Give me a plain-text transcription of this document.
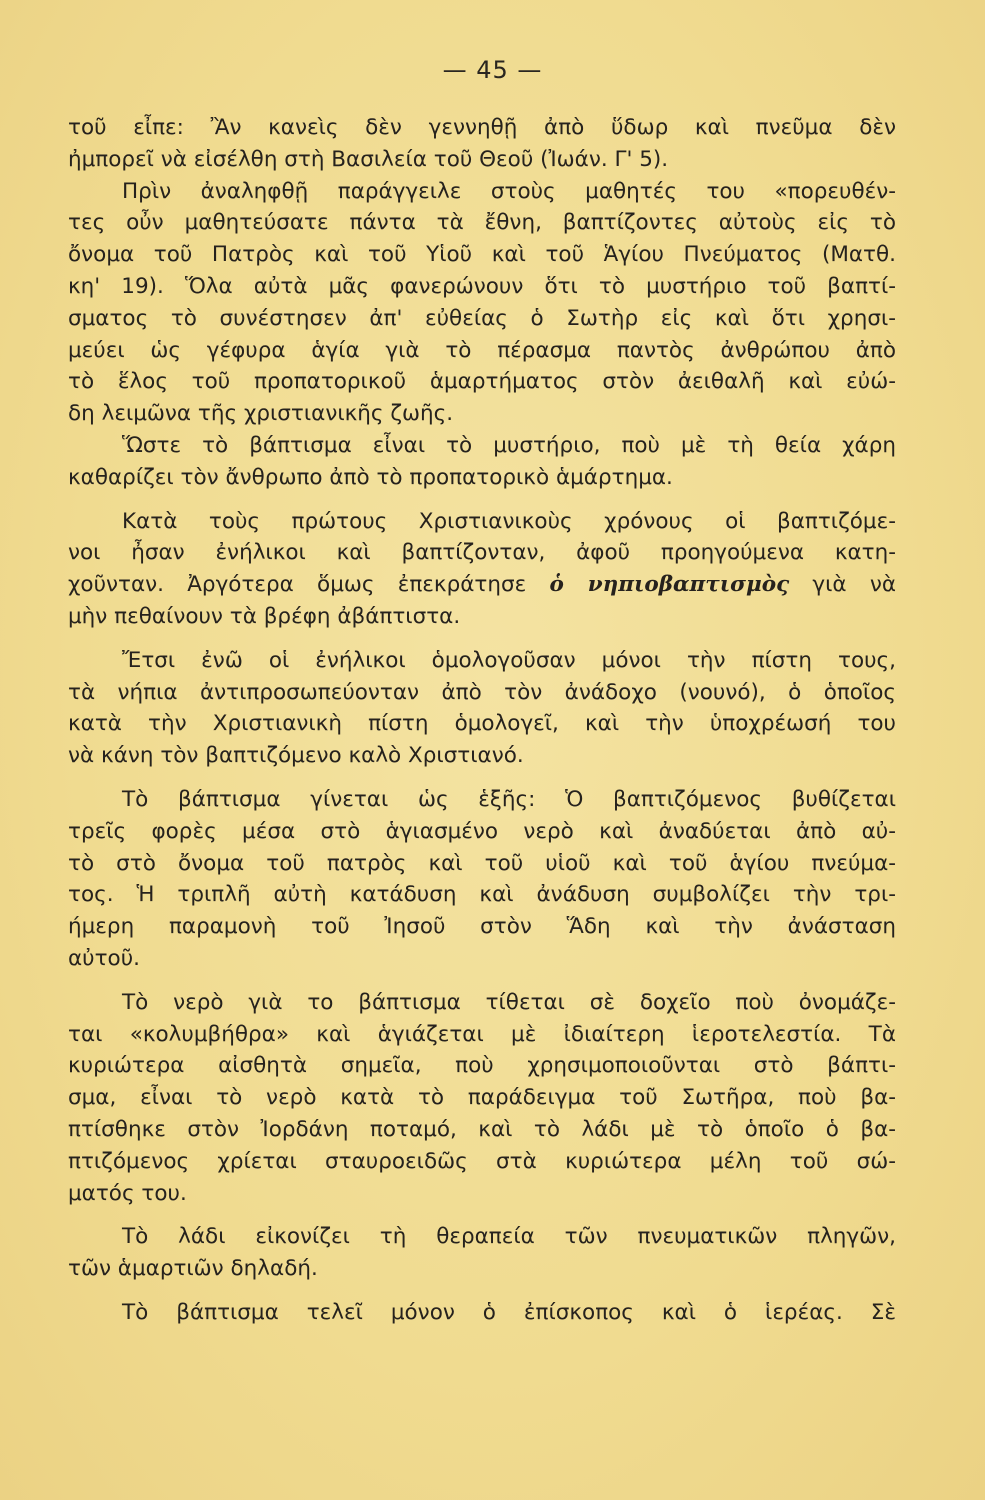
— 45 —

τοῦ εἶπε: Ἂν κανεὶς δὲν γεννηθῇ ἀπὸ ὕδωρ καὶ πνεῦμα δὲν
ἠμπορεῖ νὰ εἰσέλθη στὴ Βασιλεία τοῦ Θεοῦ (Ἰωάν. Γ' 5).

Πρὶν ἀναληφθῇ παράγγειλε στοὺς μαθητές του «πορευθέν-
τες οὖν μαθητεύσατε πάντα τὰ ἔθνη, βαπτίζοντες αὐτοὺς εἰς τὸ
ὄνομα τοῦ Πατρὸς καὶ τοῦ Υἱοῦ καὶ τοῦ Ἁγίου Πνεύματος (Ματθ.
κη' 19). Ὅλα αὐτὰ μᾶς φανερώνουν ὅτι τὸ μυστήριο τοῦ βαπτί-
σματος τὸ συνέστησεν ἀπ' εὐθείας ὁ Σωτὴρ εἰς καὶ ὅτι χρησι-
μεύει ὡς γέφυρα ἁγία γιὰ τὸ πέρασμα παντὸς ἀνθρώπου ἀπὸ
τὸ ἕλος τοῦ προπατορικοῦ ἁμαρτήματος στὸν ἀειθαλῆ καὶ εὐώ-
δη λειμῶνα τῆς χριστιανικῆς ζωῆς.

Ὥστε τὸ βάπτισμα εἶναι τὸ μυστήριο, ποὺ μὲ τὴ θεία χάρη
καθαρίζει τὸν ἄνθρωπο ἀπὸ τὸ προπατορικὸ ἁμάρτημα.

Κατὰ τοὺς πρώτους Χριστιανικοὺς χρόνους οἱ βαπτιζόμε-
νοι ἦσαν ἐνήλικοι καὶ βαπτίζονταν, ἀφοῦ προηγούμενα κατη-
χοῦνταν. Ἀργότερα ὅμως ἐπεκράτησε ὁ νηπιοβαπτισμὸς γιὰ νὰ
μὴν πεθαίνουν τὰ βρέφη ἀβάπτιστα.

Ἔτσι ἐνῶ οἱ ἐνήλικοι ὁμολογοῦσαν μόνοι τὴν πίστη τους,
τὰ νήπια ἀντιπροσωπεύονταν ἀπὸ τὸν ἀνάδοχο (νουνό), ὁ ὁποῖος
κατὰ τὴν Χριστιανικὴ πίστη ὁμολογεῖ, καὶ τὴν ὑποχρέωσή του
νὰ κάνη τὸν βαπτιζόμενο καλὸ Χριστιανό.

Τὸ βάπτισμα γίνεται ὡς ἑξῆς: Ὁ βαπτιζόμενος βυθίζεται
τρεῖς φορὲς μέσα στὸ ἁγιασμένο νερὸ καὶ ἀναδύεται ἀπὸ αὐ-
τὸ στὸ ὄνομα τοῦ πατρὸς καὶ τοῦ υἱοῦ καὶ τοῦ ἁγίου πνεύμα-
τος. Ἡ τριπλῆ αὐτὴ κατάδυση καὶ ἀνάδυση συμβολίζει τὴν τρι-
ήμερη παραμονὴ τοῦ Ἰησοῦ στὸν Ἅδη καὶ τὴν ἀνάσταση
αὐτοῦ.

Τὸ νερὸ γιὰ το βάπτισμα τίθεται σὲ δοχεῖο ποὺ ὀνομάζε-
ται «κολυμβήθρα» καὶ ἁγιάζεται μὲ ἰδιαίτερη ἱεροτελεστία. Τὰ
κυριώτερα αἰσθητὰ σημεῖα, ποὺ χρησιμοποιοῦνται στὸ βάπτι-
σμα, εἶναι τὸ νερὸ κατὰ τὸ παράδειγμα τοῦ Σωτῆρα, ποὺ βα-
πτίσθηκε στὸν Ἰορδάνη ποταμό, καὶ τὸ λάδι μὲ τὸ ὁποῖο ὁ βα-
πτιζόμενος χρίεται σταυροειδῶς στὰ κυριώτερα μέλη τοῦ σώ-
ματός του.

Τὸ λάδι εἰκονίζει τὴ θεραπεία τῶν πνευματικῶν πληγῶν,
τῶν ἁμαρτιῶν δηλαδή.

Τὸ βάπτισμα τελεῖ μόνον ὁ ἐπίσκοπος καὶ ὁ ἱερέας. Σὲ
